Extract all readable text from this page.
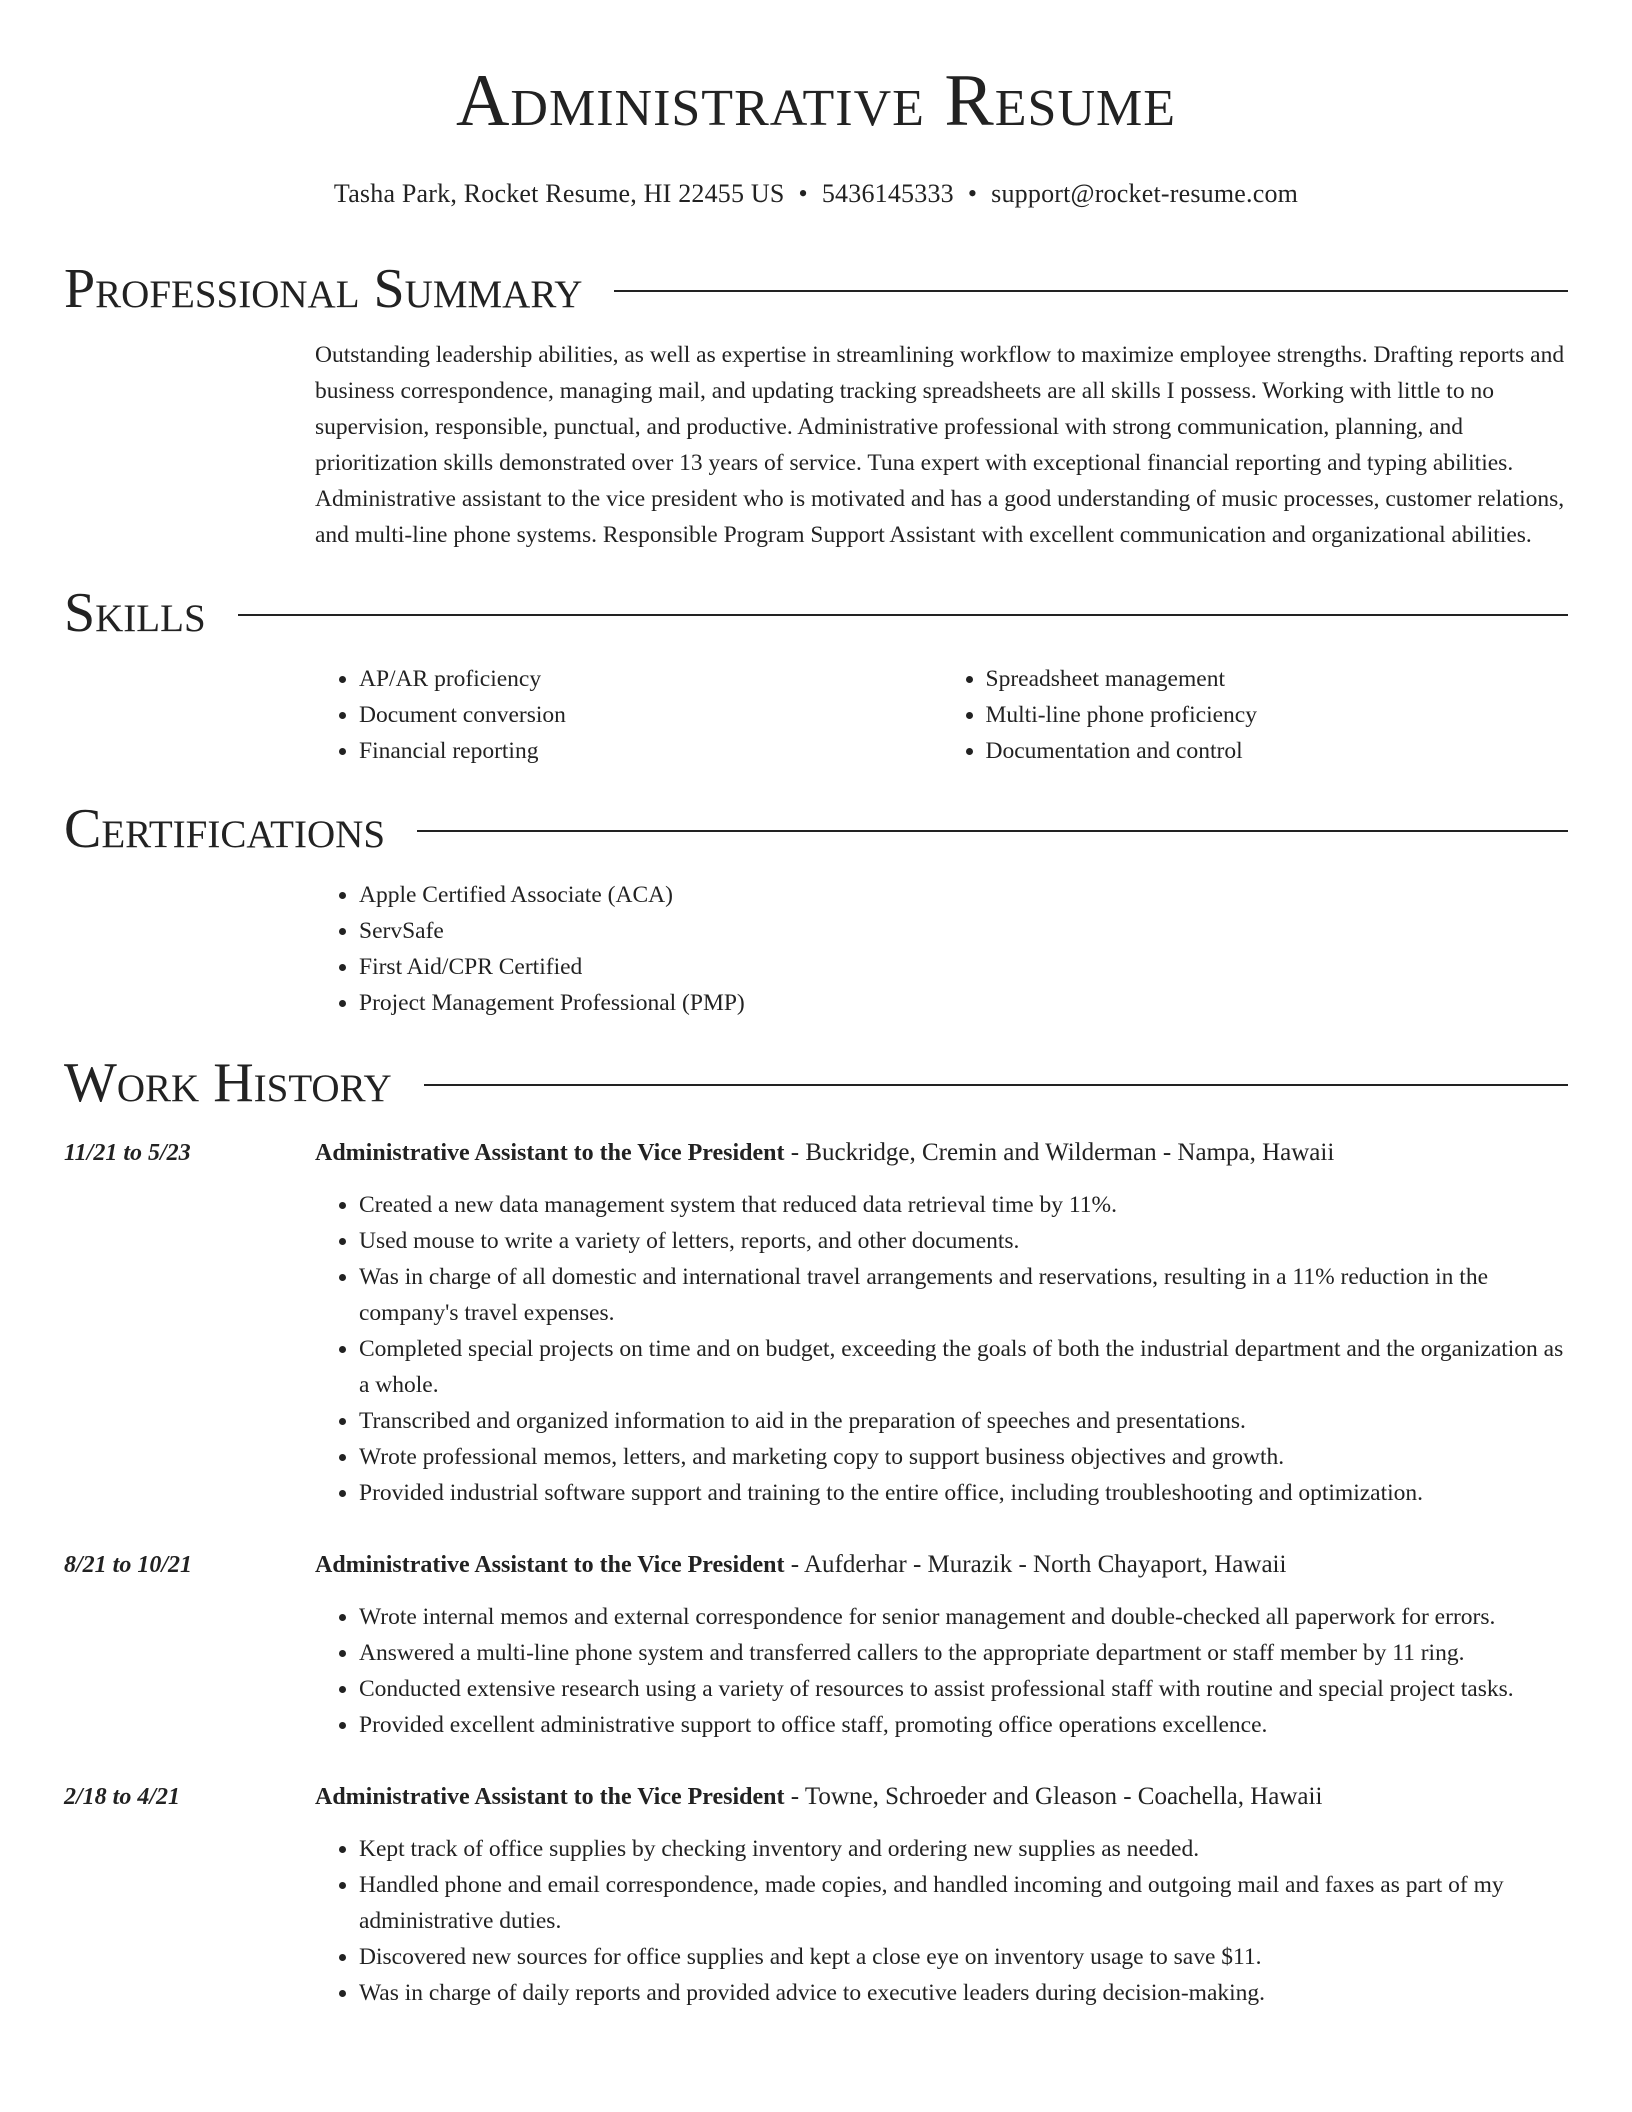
Administrative Resume
Tasha Park, Rocket Resume, HI 22455 US • 5436145333 • support@rocket-resume.com
Professional Summary

Outstanding leadership abilities, as well as expertise in streamlining workflow to maximize employee strengths. Drafting reports and business correspondence, managing mail, and updating tracking spreadsheets are all skills I possess. Working with little to no supervision, responsible, punctual, and productive. Administrative professional with strong communication, planning, and prioritization skills demonstrated over 13 years of service. Tuna expert with exceptional financial reporting and typing abilities. Administrative assistant to the vice president who is motivated and has a good understanding of music processes, customer relations, and multi-line phone systems. Responsible Program Support Assistant with excellent communication and organizational abilities.

Skills
• AP/AR proficiency
• Document conversion
• Financial reporting
• Spreadsheet management
• Multi-line phone proficiency
• Documentation and control
Certifications
• Apple Certified Associate (ACA)
• ServSafe
• First Aid/CPR Certified
• Project Management Professional (PMP)
Work History
11/21 to 5/23	Administrative Assistant to the Vice President - Buckridge, Cremin and Wilderman - Nampa, Hawaii
• Created a new data management system that reduced data retrieval time by 11%.
• Used mouse to write a variety of letters, reports, and other documents.
• Was in charge of all domestic and international travel arrangements and reservations, resulting in a 11% reduction in the company's travel expenses.
• Completed special projects on time and on budget, exceeding the goals of both the industrial department and the organization as a whole.
• Transcribed and organized information to aid in the preparation of speeches and presentations.
• Wrote professional memos, letters, and marketing copy to support business objectives and growth.
• Provided industrial software support and training to the entire office, including troubleshooting and optimization.
8/21 to 10/21	Administrative Assistant to the Vice President - Aufderhar - Murazik - North Chayaport, Hawaii
• Wrote internal memos and external correspondence for senior management and double-checked all paperwork for errors.
• Answered a multi-line phone system and transferred callers to the appropriate department or staff member by 11 ring.
• Conducted extensive research using a variety of resources to assist professional staff with routine and special project tasks.
• Provided excellent administrative support to office staff, promoting office operations excellence.
2/18 to 4/21	Administrative Assistant to the Vice President - Towne, Schroeder and Gleason - Coachella, Hawaii
• Kept track of office supplies by checking inventory and ordering new supplies as needed.
• Handled phone and email correspondence, made copies, and handled incoming and outgoing mail and faxes as part of my administrative duties.
• Discovered new sources for office supplies and kept a close eye on inventory usage to save $11.
• Was in charge of daily reports and provided advice to executive leaders during decision-making.
